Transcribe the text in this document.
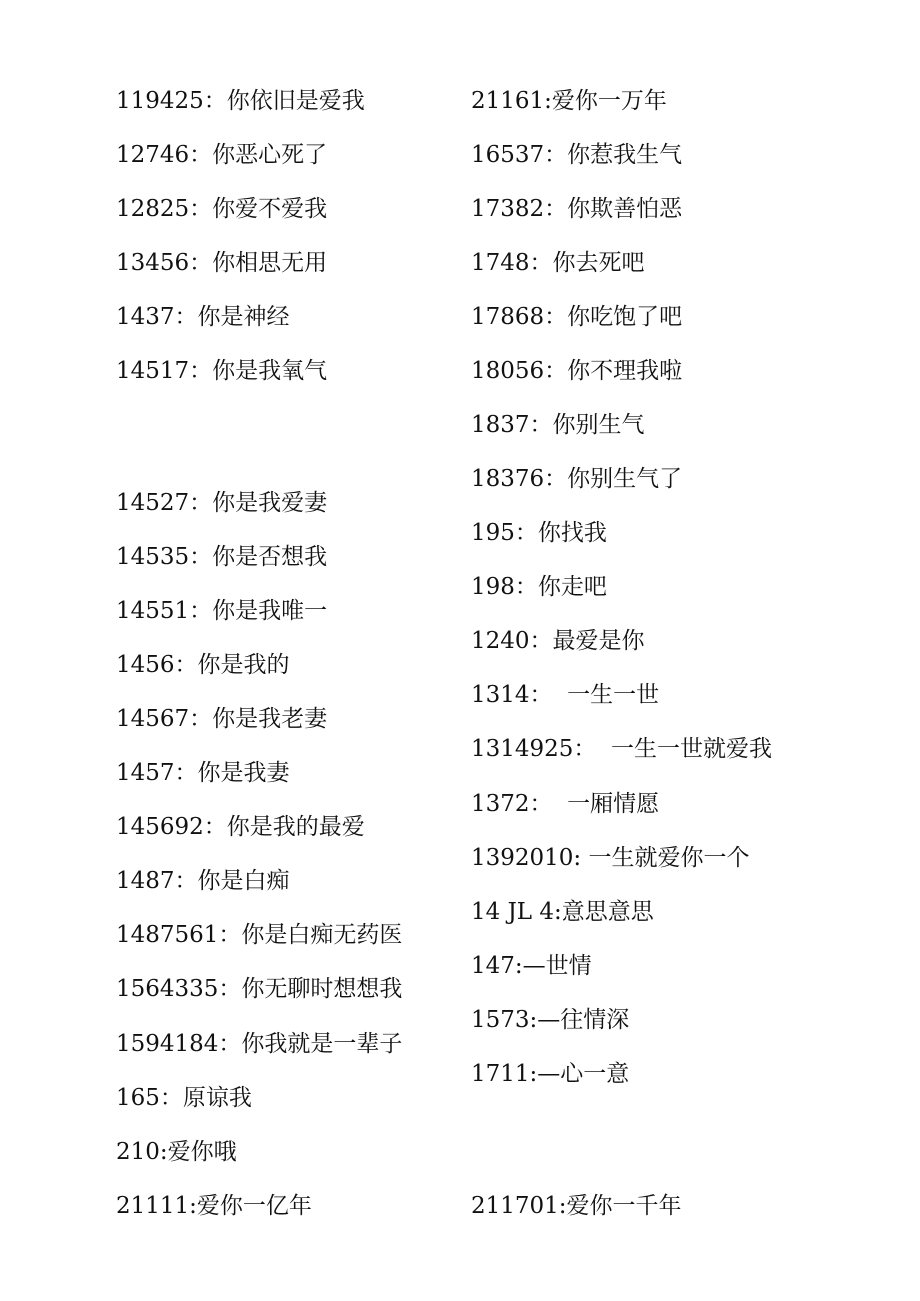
119425：你依旧是爱我
12746：你恶心死了
12825：你爱不爱我
13456：你相思无用
1437：你是神经
14517：你是我氧气
14527：你是我爱妻
14535：你是否想我
14551：你是我唯一
1456：你是我的
14567：你是我老妻
1457：你是我妻
145692：你是我的最爱
1487：你是白痴
1487561：你是白痴无药医
1564335：你无聊时想想我
1594184：你我就是一辈子
165：原谅我
210:爱你哦
21111:爱你一亿年
21161:爱你一万年
16537：你惹我生气
17382：你欺善怕恶
1748：你去死吧
17868：你吃饱了吧
18056：你不理我啦
1837：你别生气
18376：你别生气了
195：你找我
198：你走吧
1240：最爱是你
1314：  一生一世
1314925：  一生一世就爱我
1372：  一厢情愿
1392010: 一生就爱你一个
14 JL 4:意思意思
147:—世情
1573:—往情深
1711:—心一意
211701:爱你一千年
